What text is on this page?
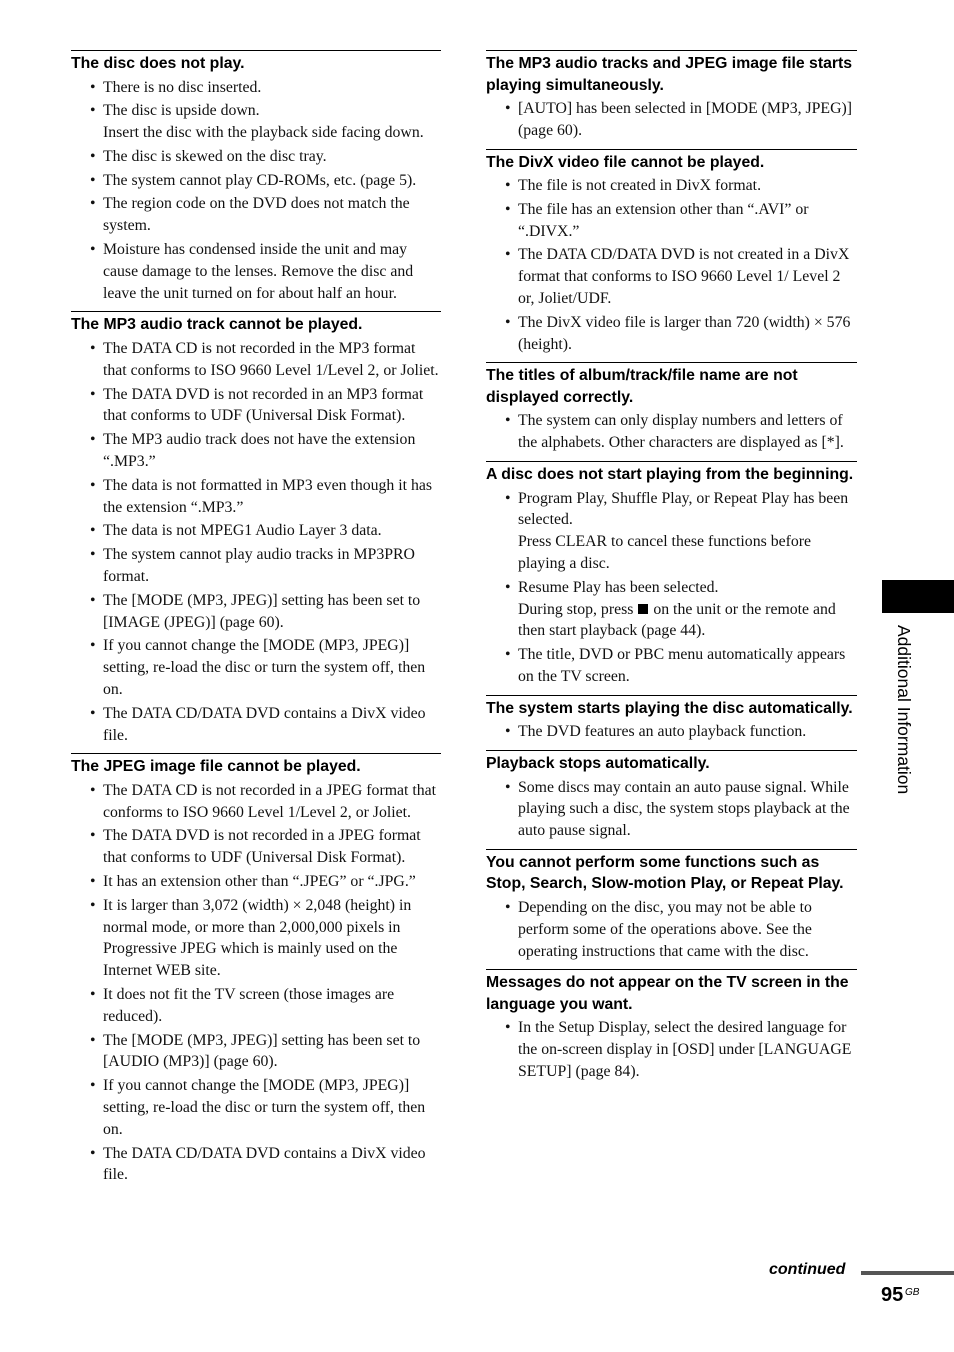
The disc does not play.
• There is no disc inserted.
• The disc is upside down.
Insert the disc with the playback side facing down.
• The disc is skewed on the disc tray.
• The system cannot play CD-ROMs, etc. (page 5).
• The region code on the DVD does not match the system.
• Moisture has condensed inside the unit and may cause damage to the lenses. Remove the disc and leave the unit turned on for about half an hour.
The MP3 audio track cannot be played.
• The DATA CD is not recorded in the MP3 format that conforms to ISO 9660 Level 1/Level 2, or Joliet.
• The DATA DVD is not recorded in an MP3 format that conforms to UDF (Universal Disk Format).
• The MP3 audio track does not have the extension “.MP3.”
• The data is not formatted in MP3 even though it has the extension “.MP3.”
• The data is not MPEG1 Audio Layer 3 data.
• The system cannot play audio tracks in MP3PRO format.
• The [MODE (MP3, JPEG)] setting has been set to [IMAGE (JPEG)] (page 60).
• If you cannot change the [MODE (MP3, JPEG)] setting, re-load the disc or turn the system off, then on.
• The DATA CD/DATA DVD contains a DivX video file.
The JPEG image file cannot be played.
• The DATA CD is not recorded in a JPEG format that conforms to ISO 9660 Level 1/Level 2, or Joliet.
• The DATA DVD is not recorded in a JPEG format that conforms to UDF (Universal Disk Format).
• It has an extension other than “.JPEG” or “.JPG.”
• It is larger than 3,072 (width) × 2,048 (height) in normal mode, or more than 2,000,000 pixels in Progressive JPEG which is mainly used on the Internet WEB site.
• It does not fit the TV screen (those images are reduced).
• The [MODE (MP3, JPEG)] setting has been set to [AUDIO (MP3)] (page 60).
• If you cannot change the [MODE (MP3, JPEG)] setting, re-load the disc or turn the system off, then on.
• The DATA CD/DATA DVD contains a DivX video file.
The MP3 audio tracks and JPEG image file starts playing simultaneously.
• [AUTO] has been selected in [MODE (MP3, JPEG)] (page 60).
The DivX video file cannot be played.
• The file is not created in DivX format.
• The file has an extension other than “.AVI” or “.DIVX.”
• The DATA CD/DATA DVD is not created in a DivX format that conforms to ISO 9660 Level 1/ Level 2 or, Joliet/UDF.
• The DivX video file is larger than 720 (width) × 576 (height).
The titles of album/track/file name are not displayed correctly.
• The system can only display numbers and letters of the alphabets. Other characters are displayed as [*].
A disc does not start playing from the beginning.
• Program Play, Shuffle Play, or Repeat Play has been selected.
Press CLEAR to cancel these functions before playing a disc.
• Resume Play has been selected.
During stop, press on the unit or the remote and then start playback (page 44).
• The title, DVD or PBC menu automatically appears on the TV screen.
The system starts playing the disc automatically.
• The DVD features an auto playback function.
Playback stops automatically.
• Some discs may contain an auto pause signal. While playing such a disc, the system stops playback at the auto pause signal.
You cannot perform some functions such as Stop, Search, Slow-motion Play, or Repeat Play.
• Depending on the disc, you may not be able to perform some of the operations above. See the operating instructions that came with the disc.
Messages do not appear on the TV screen in the language you want.
• In the Setup Display, select the desired language for the on-screen display in [OSD] under [LANGUAGE SETUP] (page 84).
Additional Information
continued
95 GB
